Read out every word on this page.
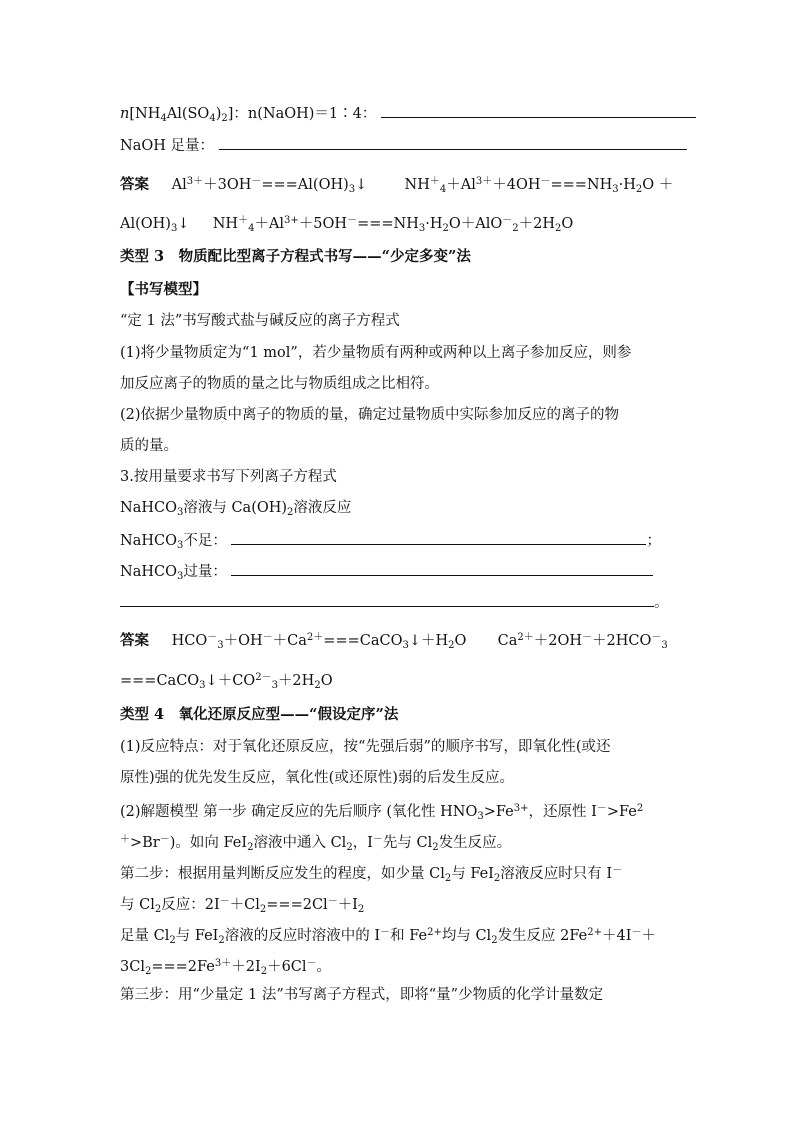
$n[NH_4Al(SO_4)_2]$：n(NaOH)＝1∶4：
NaOH 足量：
答案 $Al^{3+}+3OH^-===Al(OH)_3↓$	$NH^+_4+Al^{3+}+4OH^-===NH_3\cdot H_2O$ ＋
$Al(OH)_3↓$ $NH^+_4+Al^{3+}+5OH^-===NH_3\cdot H_2O+AlO^-_2+2H_2O$
类型 3　物质配比型离子方程式书写——“少定多变”法
【书写模型】
“定 1 法”书写酸式盐与碱反应的离子方程式
(1)将少量物质定为“1 mol”，若少量物质有两种或两种以上离子参加反应，则参
加反应离子的物质的量之比与物质组成之比相符。
(2)依据少量物质中离子的物质的量，确定过量物质中实际参加反应的离子的物
质的量。
3.按用量要求书写下列离子方程式
NaHCO$_3$溶液与 $Ca(OH)_2$溶液反应
NaHCO$_3$不足：	；
NaHCO$_3$过量：
。
答案 $HCO^-_3+OH^-+Ca^{2+}===CaCO_3↓+H_2O$ $Ca^{2+}+2OH^-+2HCO^-_3$
$===CaCO_3↓+CO^{2-}_3+2H_2O$
类型 4　氧化还原反应型——“假设定序”法
(1)反应特点：对于氧化还原反应，按“先强后弱”的顺序书写，即氧化性(或还
原性)强的优先发生反应，氧化性(或还原性)弱的后发生反应。
(2)解题模型 第一步 确定反应的先后顺序 (氧化性 $HNO_3>Fe^{3+}$，还原性 $I^->Fe^2$
＋>Br－)。如向 FeI$_2$溶液中通入 $Cl_2$，I－先与 $Cl_2$发生反应。
第二步：根据用量判断反应发生的程度，如少量 $Cl_2$与 FeI$_2$溶液反应时只有 I－
与 $Cl_2$反应：$2I^-+Cl_2===2Cl^-+I_2$
足量 $Cl_2$与 FeI$_2$溶液的反应时溶液中的 I－和 $Fe^{2+}$均与 $Cl_2$发生反应 $2Fe^{2+}+4I^-+$
$3Cl_2===2Fe^{3+}+2I_2+6Cl^-$。
第三步：用“少量定 1 法”书写离子方程式，即将“量”少物质的化学计量数定
